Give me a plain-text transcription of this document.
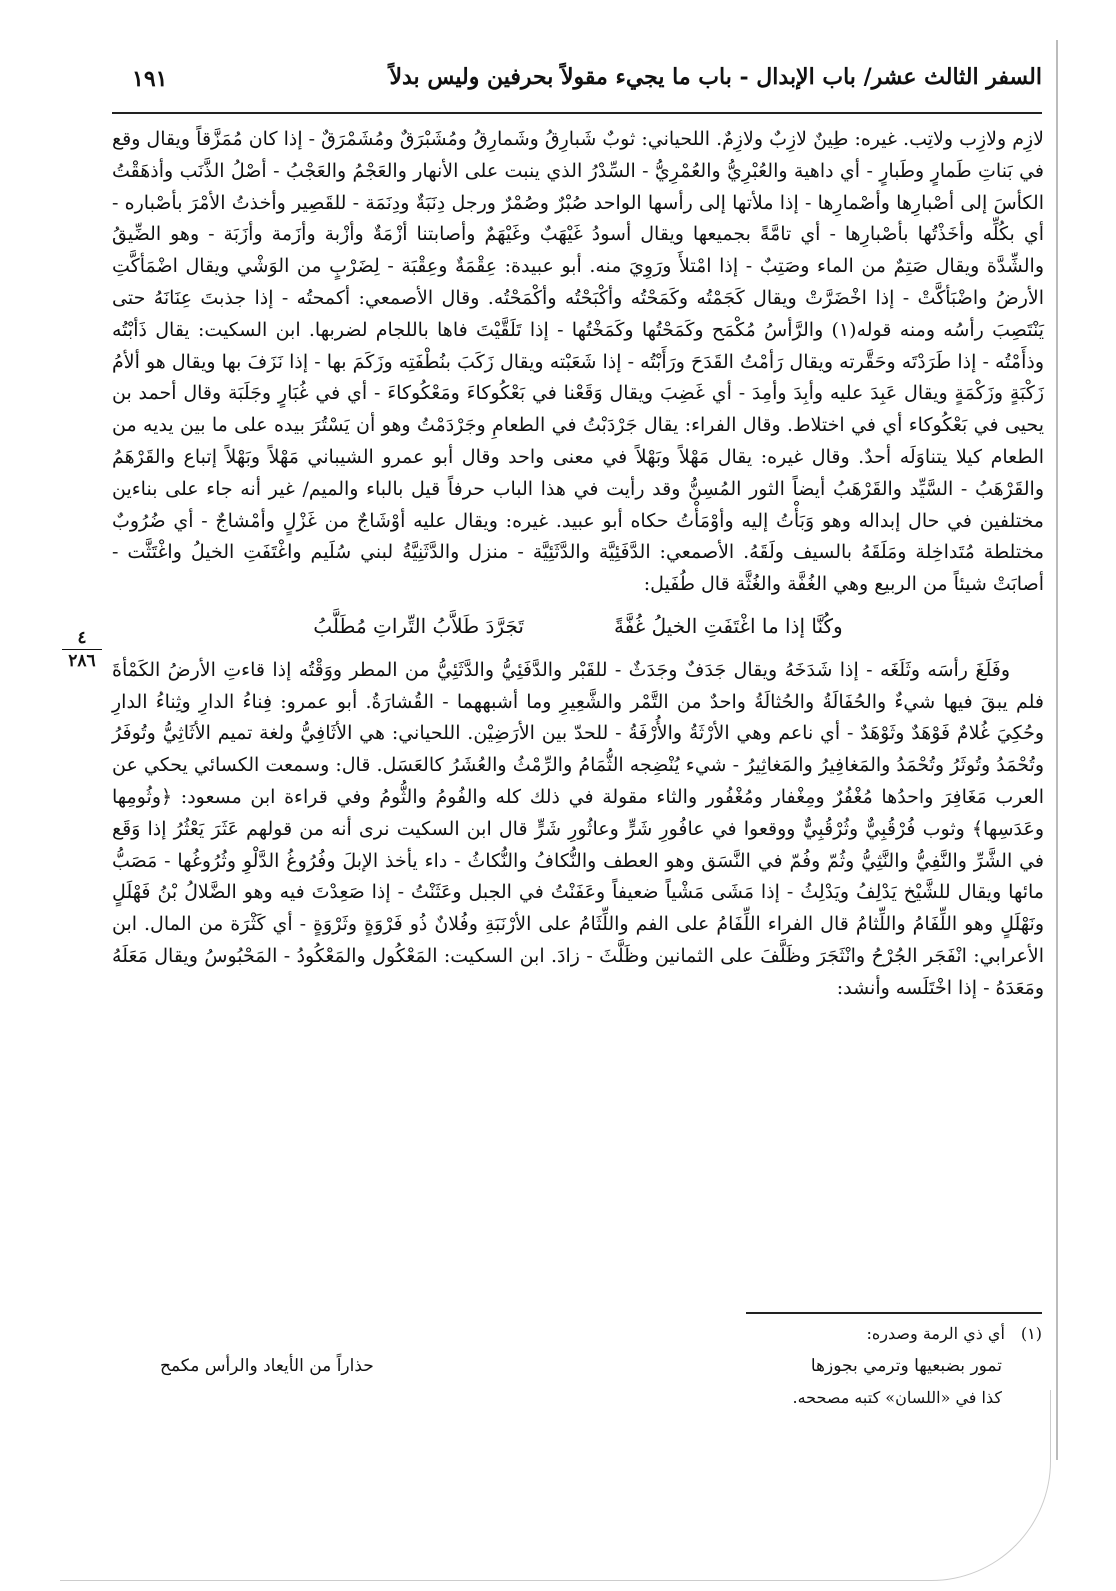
السفر الثالث عشر/ باب الإبدال - باب ما يجيء مقولاً بحرفين وليس بدلاً
١٩١
٤
٢٨٦

لازِم ولازِب ولاتِب. غيره: طِينٌ لازِبٌ ولازِمٌ. اللحياني: ثوبٌ شَبارِقُ وشَمارِقُ ومُشَبْرَقٌ ومُشَمْرَقٌ - إذا كان مُمَزَّقاً ويقال وقع في بَناتِ طَمارٍ وطَبارٍ - أي داهية والعُبْرِيُّ والعُمْرِيُّ - السِّدْرُ الذي ينبت على الأنهار والعَجْمُ والعَجْبُ - أصْلُ الذَّنَب وأذهَقْتُ الكأسَ إلى أصْبارِها وأصْمارِها - إذا ملأتها إلى رأسها الواحد صُبْرٌ وصُمْرٌ ورجل دِنَبَةٌ ودِنَمَة - للقَصِير وأخذتُ الأمْرَ بأصْباره - أي بكُلِّه وأخَذْتُها بأصْبارِها - أي تامَّةً بجميعها ويقال أسودُ غَيْهَبٌ وغَيْهَمٌ وأصابتنا أزْمَةٌ وأزْبة وأزَمة وأزَبَة - وهو الضِّيقُ والشِّدَّة ويقال صَتِمٌ من الماء وصَتِبٌ - إذا امْتلأَ ورَوِيَ منه. أبو عبيدة: عِقْمَةٌ وعِقْبَة - لِضَرْبٍ من الوَشْي ويقال اضْمَأكَّتِ الأرضُ واضْبَأكَّتْ - إذا اخْضَرَّتْ ويقال كَجَمْتُه وكَمَحْتُه وأكْبَحْتُه وأكْمَحْتُه. وقال الأصمعي: أكمحتُه - إذا جذبتَ عِنَانَهُ حتى يَنْتَصِبَ رأسُه ومنه قوله(١) والرَّأسُ مُكْمَح وكَمَحْتُها وكَمَخْتُها - إذا تَلَقَّيْتَ فاها باللجام لضربها. ابن السكيت: يقال ذَأبْتُه وذأَمْتُه - إذا طَرَدْتَه وحَقَّرته ويقال رَأمْتُ القَدَحَ ورَأَبْتُه - إذا شَعَبْته ويقال زَكَبَ بنُطْفَتِه وزَكَمَ بها - إذا نَزَفَ بها ويقال هو ألأمُ زَكْبَةٍ وزَكْمَةٍ ويقال عَبِدَ عليه وأبِدَ وأمِدَ - أي غَضِبَ ويقال وَقَعْنا في بَعْكُوكاءَ ومَعْكُوكاءَ - أي في غُبَارٍ وجَلَبَة وقال أحمد بن يحيى في بَعْكُوكاء أي في اختلاط. وقال الفراء: يقال جَرْدَبْتُ في الطعامِ وجَرْدَمْتُ وهو أن يَسْتُرَ بيده على ما بين يديه من الطعام كيلا يتناوَلَه أحدٌ. وقال غيره: يقال مَهْلاً وبَهْلاً في معنى واحد وقال أبو عمرو الشيباني مَهْلاً وبَهْلاً إتباع والقَرْهَمُ والقَرْهَبُ - السَّيِّد والقَرْهَبُ أيضاً الثور المُسِنُّ وقد رأيت في هذا الباب حرفاً قيل بالباء والميم/ غير أنه جاء على بناءين مختلفين في حال إبداله وهو وَبَأْتُ إليه وأوْمَأْتُ حكاه أبو عبيد. غيره: ويقال عليه أوْشَاجٌ من غَزْلٍ وأمْشاجٌ - أي ضُرُوبٌ مختلطة مُتَداخِلة ومَلَقَهُ بالسيف ولَقَهُ. الأصمعي: الدَّفَئِيَّة والدَّثَئِيَّة - منزل والدَّثَنِيَّةُ لبني سُلَيم واغْتَفَتِ الخيلُ واغْتَثَّت - أصابَتْ شيئاً من الربيع وهي الغُفَّة والغُثَّة قال طُفَيل:

وكُنَّا إذا ما اغْتَفَتِ الخيلُ غُفَّةً
تَجَرَّدَ طَلاَّبُ التِّراتِ مُطَلَّبُ

وفَلَغَ رأسَه وثَلَغَه - إذا شَدَخَهُ ويقال جَدَفٌ وجَدَثٌ - للقَبْر والدَّفَئِيُّ والدَّثَئِيُّ من المطر ووَقْتُه إذا قاءتِ الأرضُ الكَمْأةَ فلم يبقَ فيها شيءٌ والحُفَالَةُ والحُثالَةُ واحدٌ من التَّمْر والشَّعِيرِ وما أشبههما - القُشارَةُ. أبو عمرو: فِناءُ الدارِ وثِناءُ الدارِ وحُكِيَ غُلامٌ فَوْهَدٌ وثَوْهَدٌ - أي ناعم وهي الأرْثَةُ والأُرْفَةُ - للحدّ بين الأرَضِيْن. اللحياني: هي الأثَافِيُّ ولغة تميم الأثَاثِيُّ وتُوفَرُ وتُحْمَدُ وتُوثَرُ وتُحْمَدُ والمَغافِيرُ والمَغاثِيرُ - شيء يُنْضِجه الثُّمَامُ والرِّمْثُ والعُشَرُ كالعَسَل. قال: وسمعت الكسائي يحكي عن العرب مَغَافِرَ واحدُها مُغْفُرٌ ومِغْفار ومُغْفُور والثاء مقولة في ذلك كله والفُومُ والثُّومُ وفي قراءة ابن مسعود: ﴿وثُومِها وعَدَسِها﴾ وثوب فُرْقُبِيٌّ وثُرْقُبِيٌّ ووقعوا في عافُورِ شَرٍّ وعاثُورِ شَرٍّ قال ابن السكيت نرى أنه من قولهم عَثَرَ يَعْثُرُ إذا وَقَع في الشَّرِّ والنَّفِيُّ والنَّثِيُّ وثُمّ وفُمّ في النَّسَق وهو العطف والنُّكافُ والنُّكاثُ - داء يأخذ الإبلَ وفُرُوغُ الدَّلْوِ وثُرُوغُها - مَصَبُّ مائها ويقال للشَّيْخ يَدْلِفُ ويَدْلِثُ - إذا مَشَى مَشْياً ضعيفاً وعَفَنْتُ في الجبل وعَثَنْتُ - إذا صَعِدْتَ فيه وهو الضَّلالُ بْنُ فَهْلَلٍ ونَهْلَلٍ وهو اللِّفَامُ واللِّثامُ قال الفراء اللِّفَامُ على الفم واللِّثَامُ على الأرْنَبَةِ وفُلانٌ ذُو فَرْوَةٍ وثَرْوَةٍ - أي كَثْرَة من المال. ابن الأعرابي: انْفَجَر الجُرْحُ وانْثَجَرَ وظَلَّفَ على الثمانين وظَلَّثَ - زادَ. ابن السكيت: المَعْكُول والمَعْكُودُ - المَحْبُوسُ ويقال مَعَلَهُ ومَعَدَهُ - إذا اخْتَلَسه وأنشد:

(١)
أي ذي الرمة وصدره:
تمور بضبعيها وترمي بجوزها
حذاراً من الأيعاد والرأس مكمح
كذا في «اللسان» كتبه مصححه.
